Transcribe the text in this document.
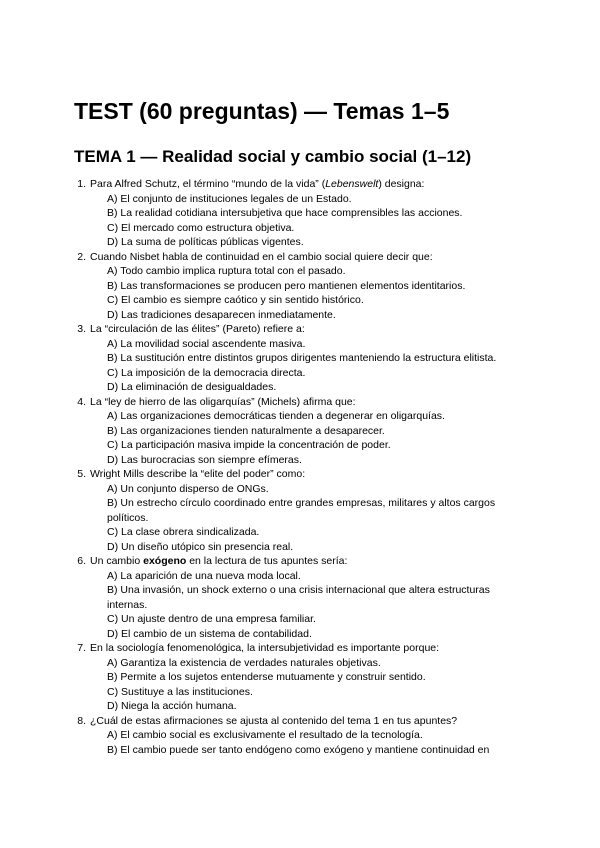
TEST (60 preguntas) — Temas 1–5
TEMA 1 — Realidad social y cambio social (1–12)
1. Para Alfred Schutz, el término “mundo de la vida” (Lebenswelt) designa:
A) El conjunto de instituciones legales de un Estado.
B) La realidad cotidiana intersubjetiva que hace comprensibles las acciones.
C) El mercado como estructura objetiva.
D) La suma de políticas públicas vigentes.
2. Cuando Nisbet habla de continuidad en el cambio social quiere decir que:
A) Todo cambio implica ruptura total con el pasado.
B) Las transformaciones se producen pero mantienen elementos identitarios.
C) El cambio es siempre caótico y sin sentido histórico.
D) Las tradiciones desaparecen inmediatamente.
3. La “circulación de las élites” (Pareto) refiere a:
A) La movilidad social ascendente masiva.
B) La sustitución entre distintos grupos dirigentes manteniendo la estructura elitista.
C) La imposición de la democracia directa.
D) La eliminación de desigualdades.
4. La “ley de hierro de las oligarquías” (Michels) afirma que:
A) Las organizaciones democráticas tienden a degenerar en oligarquías.
B) Las organizaciones tienden naturalmente a desaparecer.
C) La participación masiva impide la concentración de poder.
D) Las burocracias son siempre efímeras.
5. Wright Mills describe la “elite del poder” como:
A) Un conjunto disperso de ONGs.
B) Un estrecho círculo coordinado entre grandes empresas, militares y altos cargos políticos.
C) La clase obrera sindicalizada.
D) Un diseño utópico sin presencia real.
6. Un cambio exógeno en la lectura de tus apuntes sería:
A) La aparición de una nueva moda local.
B) Una invasión, un shock externo o una crisis internacional que altera estructuras internas.
C) Un ajuste dentro de una empresa familiar.
D) El cambio de un sistema de contabilidad.
7. En la sociología fenomenológica, la intersubjetividad es importante porque:
A) Garantiza la existencia de verdades naturales objetivas.
B) Permite a los sujetos entenderse mutuamente y construir sentido.
C) Sustituye a las instituciones.
D) Niega la acción humana.
8. ¿Cuál de estas afirmaciones se ajusta al contenido del tema 1 en tus apuntes?
A) El cambio social es exclusivamente el resultado de la tecnología.
B) El cambio puede ser tanto endógeno como exógeno y mantiene continuidad en
